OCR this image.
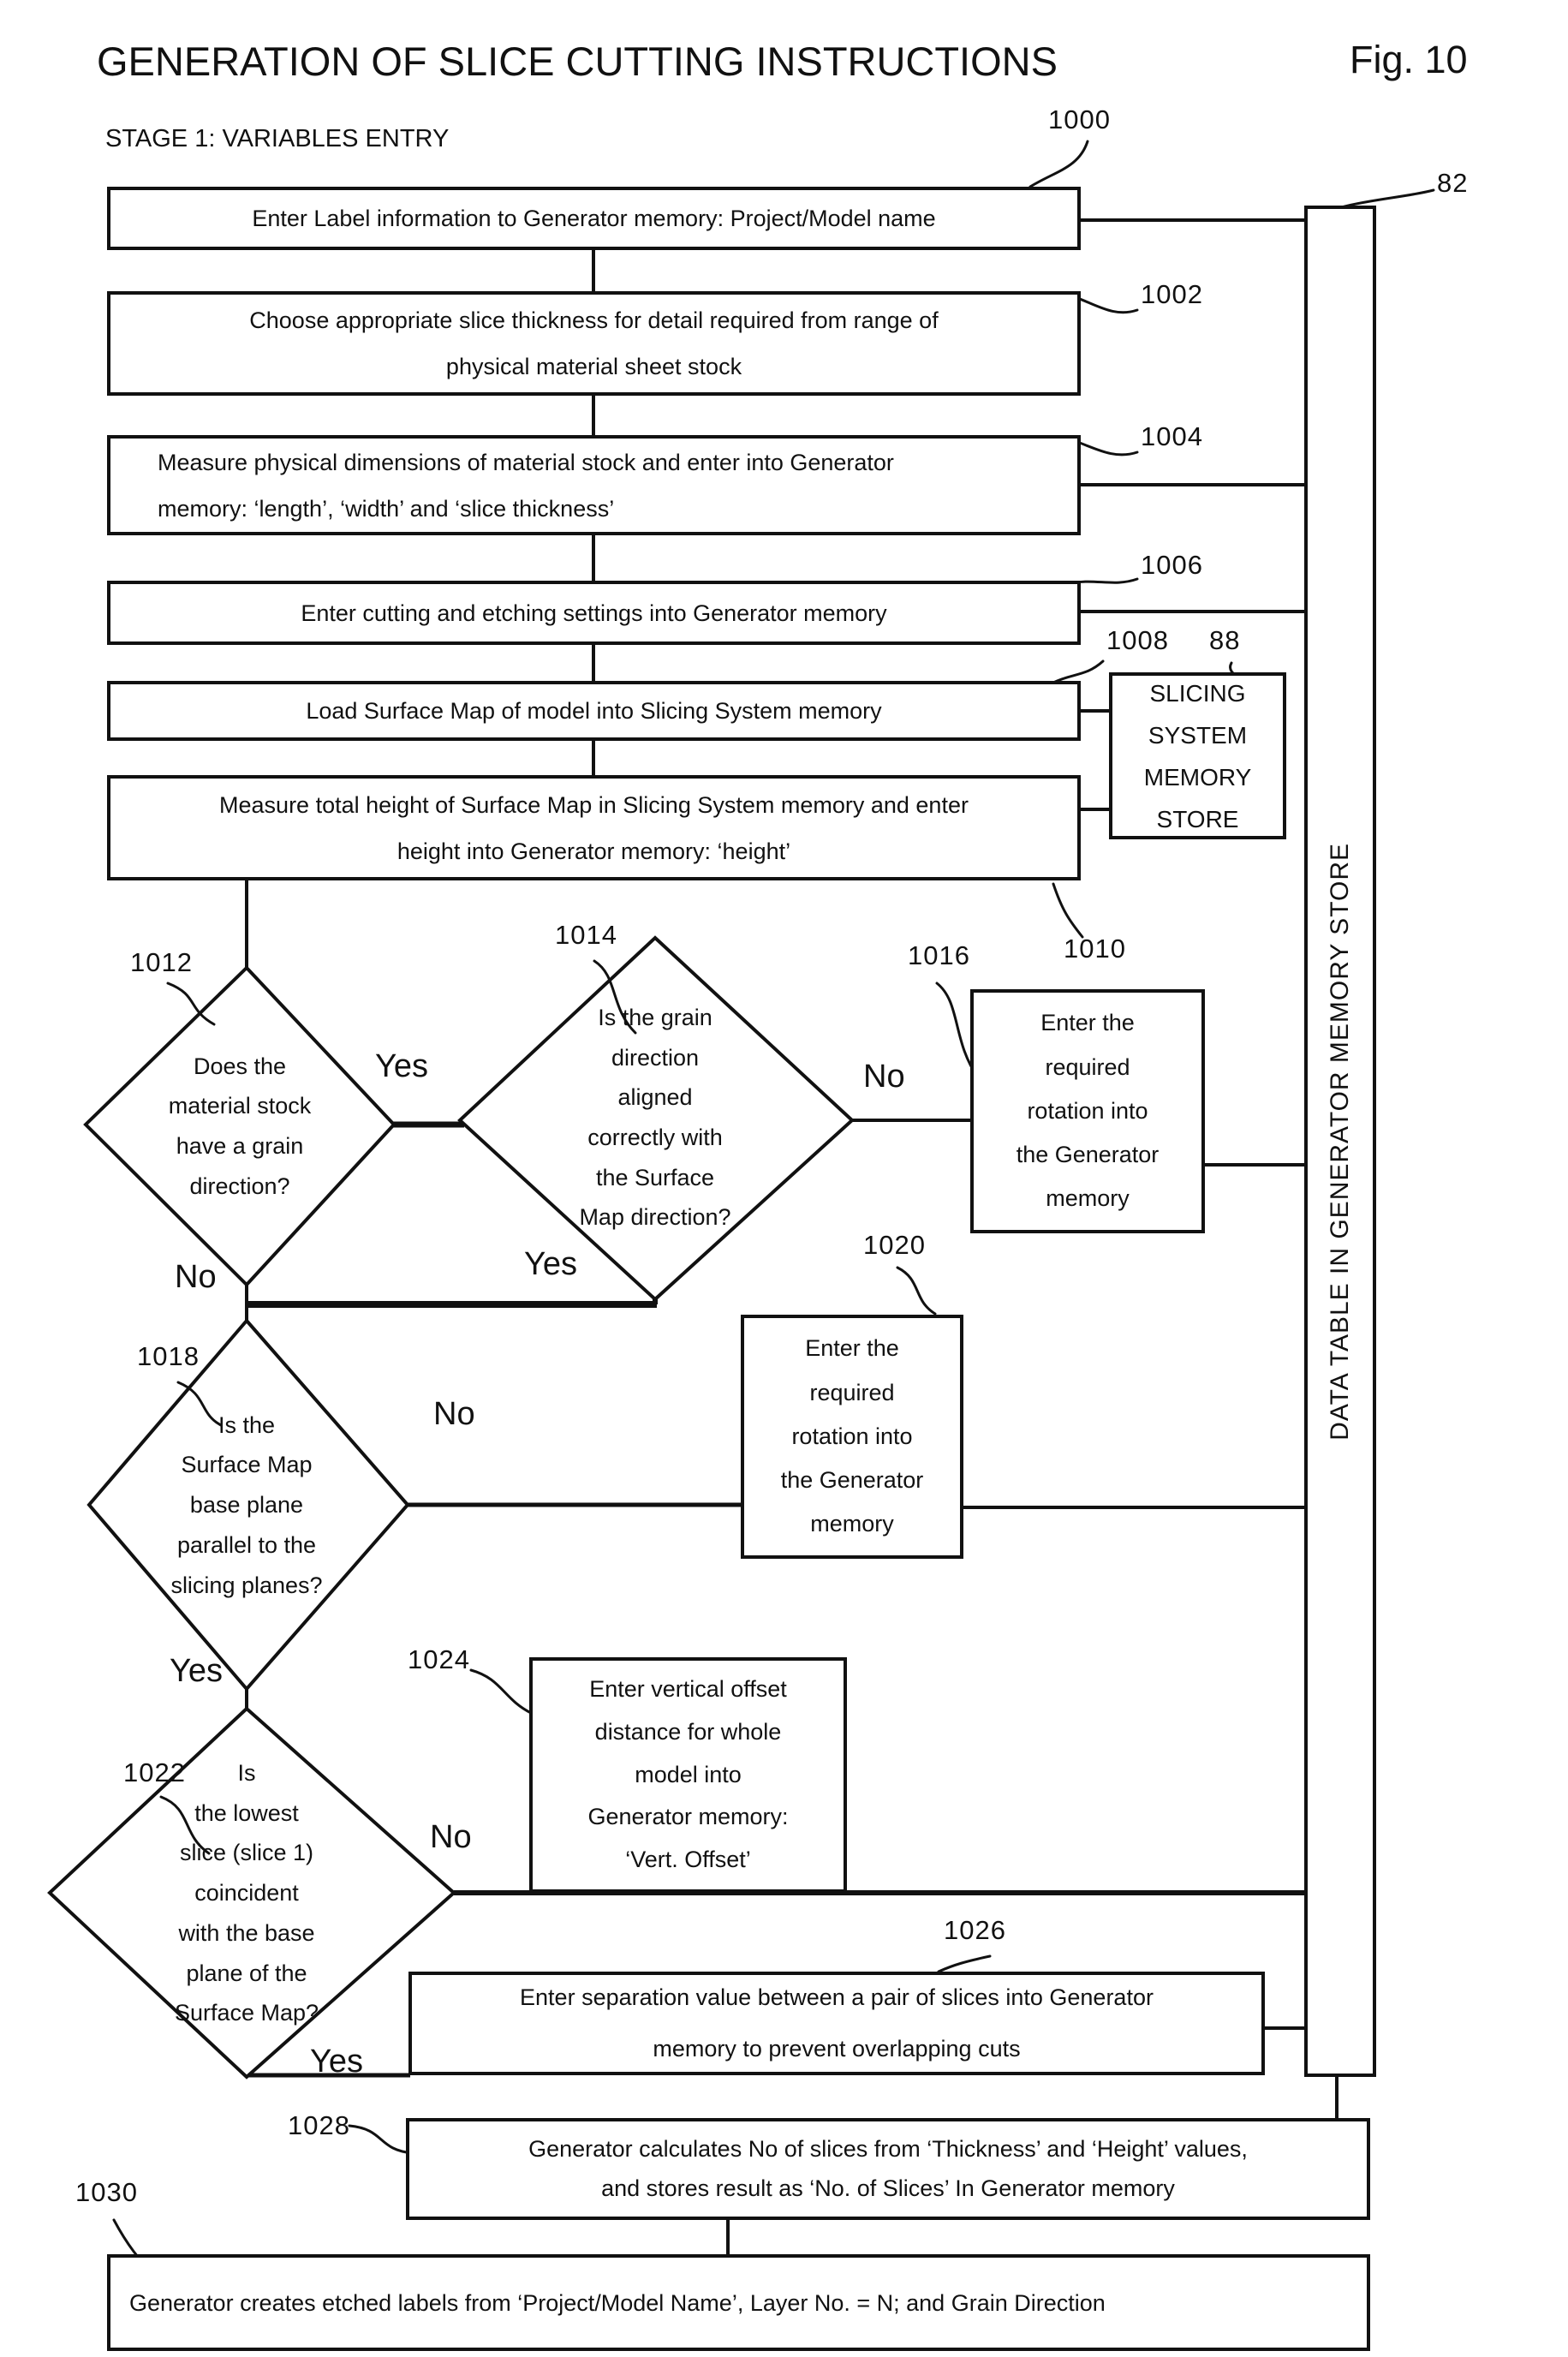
GENERATION OF SLICE CUTTING INSTRUCTIONS	Fig. 10
STAGE 1: VARIABLES ENTRY
Enter Label information to Generator memory: Project/Model name
Choose appropriate slice thickness for detail required from range of
physical material sheet stock
Measure physical dimensions of material stock and enter into Generator
memory: ‘length’, ‘width’ and ‘slice thickness’
Enter cutting and etching settings into Generator memory
Load Surface Map of model into Slicing System memory
Measure total height of Surface Map in Slicing System memory and enter
height into Generator memory: ‘height’
SLICING
SYSTEM
MEMORY
STORE
DATA TABLE IN GENERATOR MEMORY STORE
Enter the
required
rotation into
the Generator
memory
Enter the
required
rotation into
the Generator
memory
Enter vertical offset
distance for whole
model into
Generator memory:
‘Vert. Offset’
Enter separation value between a pair of slices into Generator
memory to prevent overlapping cuts
Generator calculates No of slices from ‘Thickness’ and ‘Height’ values,
and stores result as ‘No. of Slices’ In Generator memory
Generator creates etched labels from ‘Project/Model Name’, Layer No. = N; and Grain Direction
Does the
material stock
have a grain
direction?
Is the grain
direction
aligned
correctly with
the Surface
Map direction?
Is the
Surface Map
base plane
parallel to the
slicing planes?
Is
the lowest
slice (slice 1)
coincident
with the base
plane of the
Surface Map?
Yes	No
No	Yes
No
Yes
No
Yes
1000
82
1002
1004
1006
1008 88
1010
1012
1014
1016
1018
1020
1022
1024
1026
1028
1030
